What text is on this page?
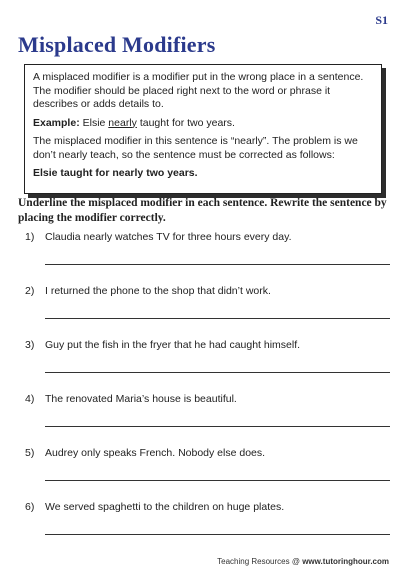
S1
Misplaced Modifiers

A misplaced modifier is a modifier put in the wrong place in a sentence. The modifier should be placed right next to the word or phrase it describes or adds details to.

Example: Elsie nearly taught for two years.

The misplaced modifier in this sentence is “nearly”. The problem is we don’t nearly teach, so the sentence must be corrected as follows:

Elsie taught for nearly two years.

Underline the misplaced modifier in each sentence. Rewrite the sentence by placing the modifier correctly.
1) Claudia nearly watches TV for three hours every day.
2) I returned the phone to the shop that didn’t work.
3) Guy put the fish in the fryer that he had caught himself.
4) The renovated Maria’s house is beautiful.
5) Audrey only speaks French. Nobody else does.
6) We served spaghetti to the children on huge plates.
Teaching Resources @ www.tutoringhour.com
